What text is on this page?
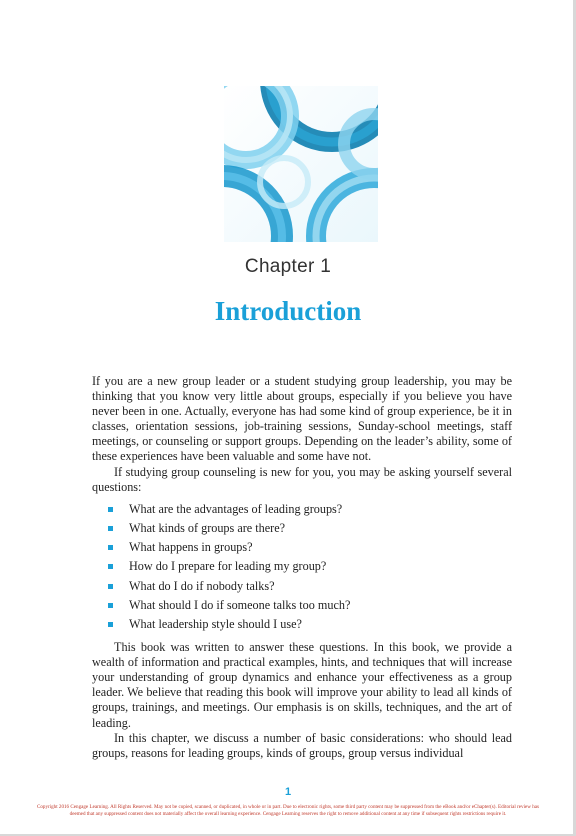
Chapter 1
Introduction

If you are a new group leader or a student studying group leadership, you may be thinking that you know very little about groups, especially if you believe you have never been in one. Actually, everyone has had some kind of group experience, be it in classes, orientation sessions, job-training sessions, Sunday-school meetings, staff meetings, or counseling or support groups. Depending on the leader’s ability, some of these experiences have been valuable and some have not.

If studying group counseling is new for you, you may be asking yourself several questions:

What are the advantages of leading groups?
What kinds of groups are there?
What happens in groups?
How do I prepare for leading my group?
What do I do if nobody talks?
What should I do if someone talks too much?
What leadership style should I use?

This book was written to answer these questions. In this book, we provide a wealth of information and practical examples, hints, and techniques that will increase your understanding of group dynamics and enhance your effectiveness as a group leader. We believe that reading this book will improve your ability to lead all kinds of groups, trainings, and meetings. Our emphasis is on skills, techniques, and the art of leading.

In this chapter, we discuss a number of basic considerations: who should lead groups, reasons for leading groups, kinds of groups, group versus individual

1
Copyright 2016 Cengage Learning. All Rights Reserved. May not be copied, scanned, or duplicated, in whole or in part. Due to electronic rights, some third party content may be suppressed from the eBook and/or eChapter(s). Editorial review has deemed that any suppressed content does not materially affect the overall learning experience. Cengage Learning reserves the right to remove additional content at any time if subsequent rights restrictions require it.
